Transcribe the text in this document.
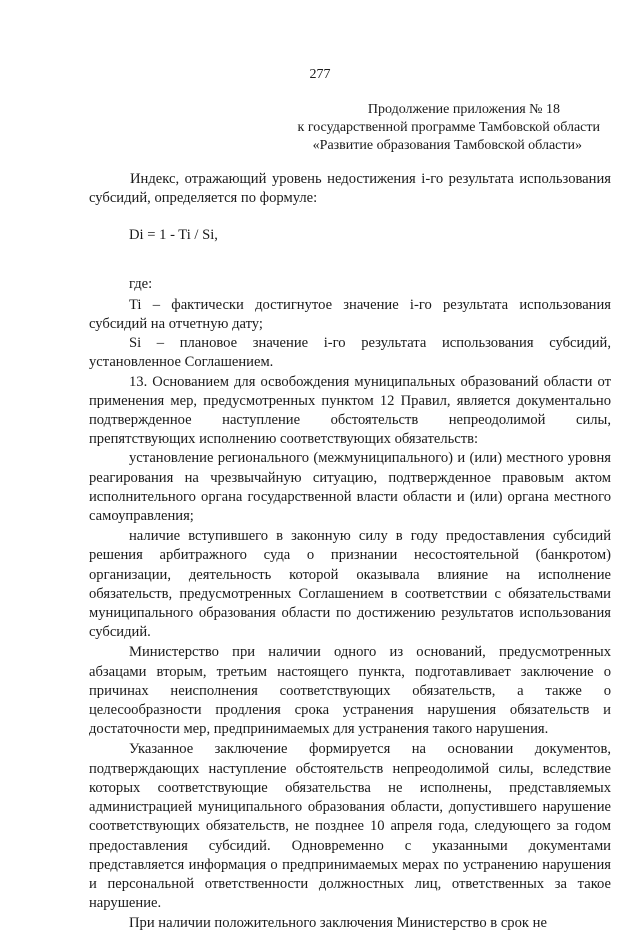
277
Продолжение приложения № 18
к государственной программе Тамбовской области
«Развитие образования Тамбовской области»

Индекс, отражающий уровень недостижения i-го результата использования субсидий, определяется по формуле:

Di = 1 - Ti / Si,

где:

Ti – фактически достигнутое значение i-го результата использования субсидий на отчетную дату;

Si – плановое значение i-го результата использования субсидий, установленное Соглашением.

13. Основанием для освобождения муниципальных образований области от применения мер, предусмотренных пунктом 12 Правил, является документально подтвержденное наступление обстоятельств непреодолимой силы, препятствующих исполнению соответствующих обязательств:

установление регионального (межмуниципального) и (или) местного уровня реагирования на чрезвычайную ситуацию, подтвержденное правовым актом исполнительного органа государственной власти области и (или) органа местного самоуправления;

наличие вступившего в законную силу в году предоставления субсидий решения арбитражного суда о признании несостоятельной (банкротом) организации, деятельность которой оказывала влияние на исполнение обязательств, предусмотренных Соглашением в соответствии с обязательствами муниципального образования области по достижению результатов использования субсидий.

Министерство при наличии одного из оснований, предусмотренных абзацами вторым, третьим настоящего пункта, подготавливает заключение о причинах неисполнения соответствующих обязательств, а также о целесообразности продления срока устранения нарушения обязательств и достаточности мер, предпринимаемых для устранения такого нарушения.

Указанное заключение формируется на основании документов, подтверждающих наступление обстоятельств непреодолимой силы, вследствие которых соответствующие обязательства не исполнены, представляемых администрацией муниципального образования области, допустившего нарушение соответствующих обязательств, не позднее 10 апреля года, следующего за годом предоставления субсидий. Одновременно с указанными документами представляется информация о предпринимаемых мерах по устранению нарушения и персональной ответственности должностных лиц, ответственных за такое нарушение.

При наличии положительного заключения Министерство в срок не
